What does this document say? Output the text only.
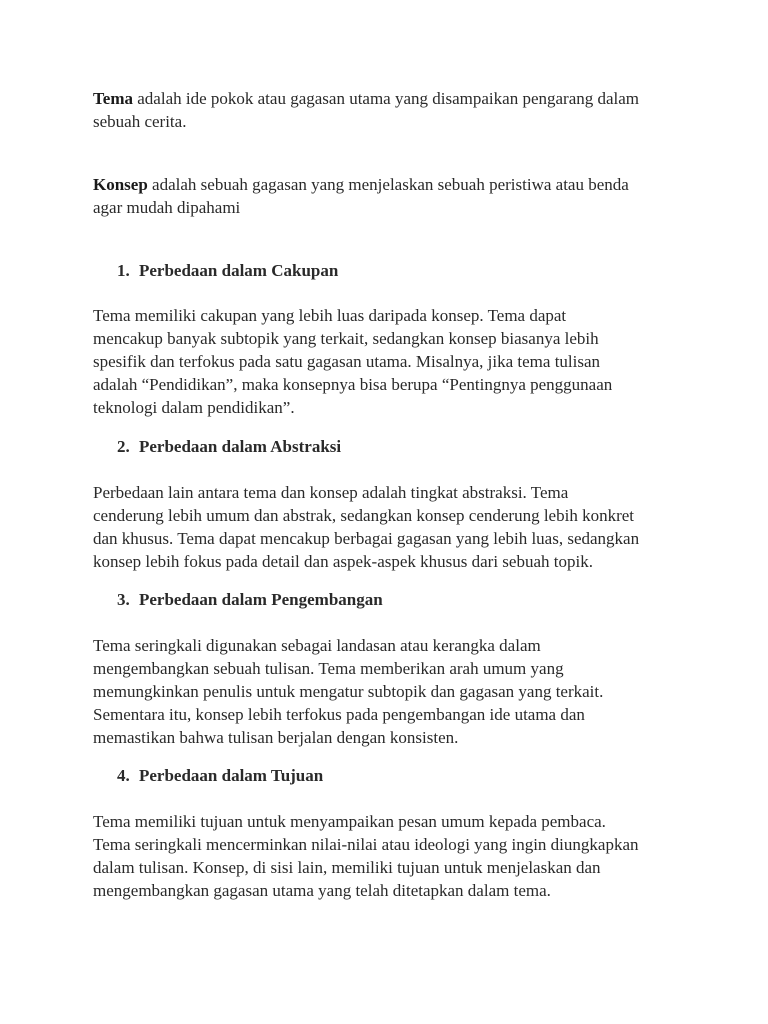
Tema adalah ide pokok atau gagasan utama yang disampaikan pengarang dalam
sebuah cerita.

Konsep adalah sebuah gagasan yang menjelaskan sebuah peristiwa atau benda
agar mudah dipahami

1. Perbedaan dalam Cakupan

Tema memiliki cakupan yang lebih luas daripada konsep. Tema dapat
mencakup banyak subtopik yang terkait, sedangkan konsep biasanya lebih
spesifik dan terfokus pada satu gagasan utama. Misalnya, jika tema tulisan
adalah “Pendidikan”, maka konsepnya bisa berupa “Pentingnya penggunaan
teknologi dalam pendidikan”.

2. Perbedaan dalam Abstraksi

Perbedaan lain antara tema dan konsep adalah tingkat abstraksi. Tema
cenderung lebih umum dan abstrak, sedangkan konsep cenderung lebih konkret
dan khusus. Tema dapat mencakup berbagai gagasan yang lebih luas, sedangkan
konsep lebih fokus pada detail dan aspek-aspek khusus dari sebuah topik.

3. Perbedaan dalam Pengembangan

Tema seringkali digunakan sebagai landasan atau kerangka dalam
mengembangkan sebuah tulisan. Tema memberikan arah umum yang
memungkinkan penulis untuk mengatur subtopik dan gagasan yang terkait.
Sementara itu, konsep lebih terfokus pada pengembangan ide utama dan
memastikan bahwa tulisan berjalan dengan konsisten.

4. Perbedaan dalam Tujuan

Tema memiliki tujuan untuk menyampaikan pesan umum kepada pembaca.
Tema seringkali mencerminkan nilai-nilai atau ideologi yang ingin diungkapkan
dalam tulisan. Konsep, di sisi lain, memiliki tujuan untuk menjelaskan dan
mengembangkan gagasan utama yang telah ditetapkan dalam tema.
